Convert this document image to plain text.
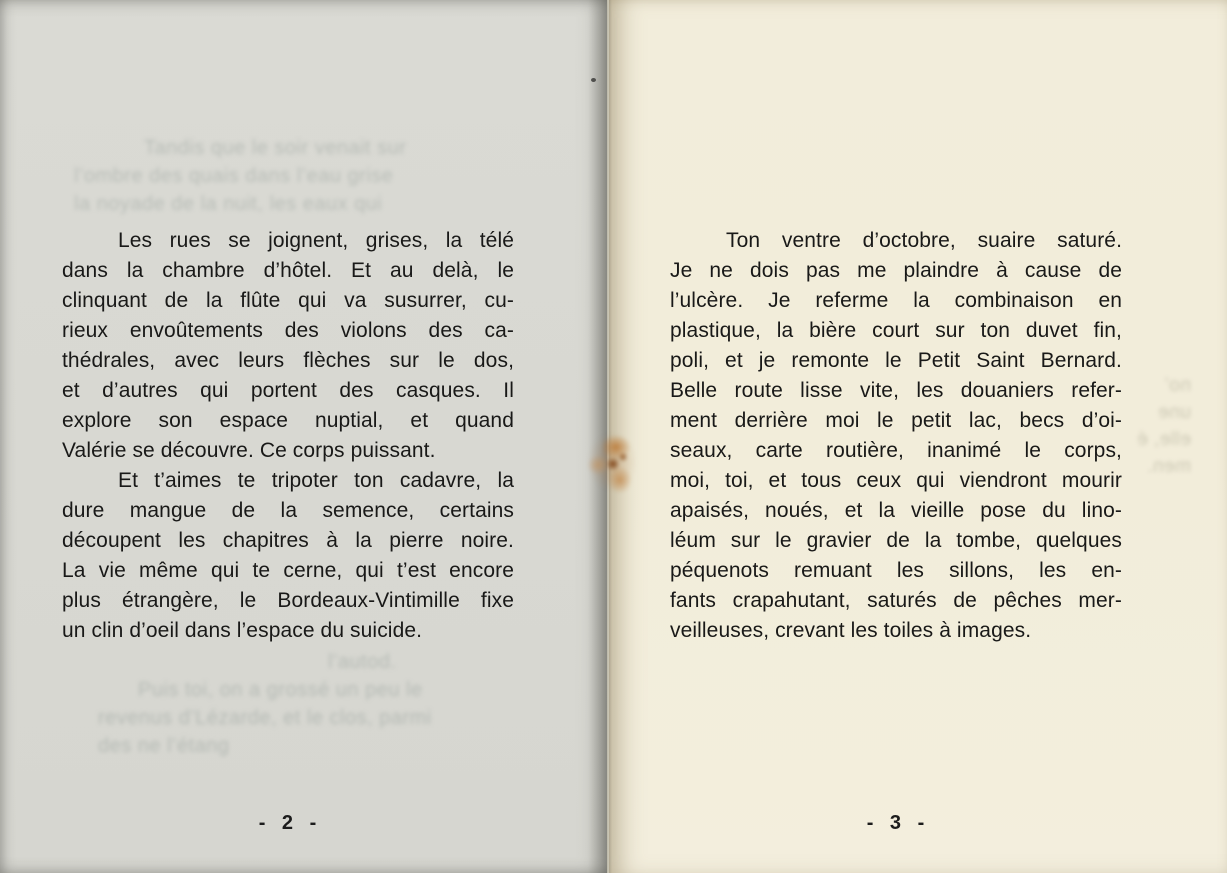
Tandis que le soir venait sur
l’ombre des quais dans l’eau grise
la noyade de la nuit, les eaux qui
Les rues se joignent, grises, la télé
dans la chambre d’hôtel. Et au delà, le
clinquant de la flûte qui va susurrer, cu-
rieux envoûtements des violons des ca-
thédrales, avec leurs flèches sur le dos,
et d’autres qui portent des casques. Il
explore son espace nuptial, et quand
Valérie se découvre. Ce corps puissant.
Et t’aimes te tripoter ton cadavre, la
dure mangue de la semence, certains
découpent les chapitres à la pierre noire.
La vie même qui te cerne, qui t’est encore
plus étrangère, le Bordeaux-Vintimille fixe
un clin d’oeil dans l’espace du suicide.
l’autod.
Puis toi, on a grossé un peu le
revenus d’Lézarde, et le clos, parmi
des ne l’étang
- 2 -
Ton ventre d’octobre, suaire saturé.
Je ne dois pas me plaindre à cause de
l’ulcère. Je referme la combinaison en
plastique, la bière court sur ton duvet fin,
poli, et je remonte le Petit Saint Bernard.
Belle route lisse vite, les douaniers refer-
ment derrière moi le petit lac, becs d’oi-
seaux, carte routière, inanimé le corps,
moi, toi, et tous ceux qui viendront mourir
apaisés, noués, et la vieille pose du lino-
léum sur le gravier de la tombe, quelques
péquenots remuant les sillons, les en-
fants crapahutant, saturés de pêches mer-
veilleuses, crevant les toiles à images.
no’
une
elle, é
men.
- 3 -
